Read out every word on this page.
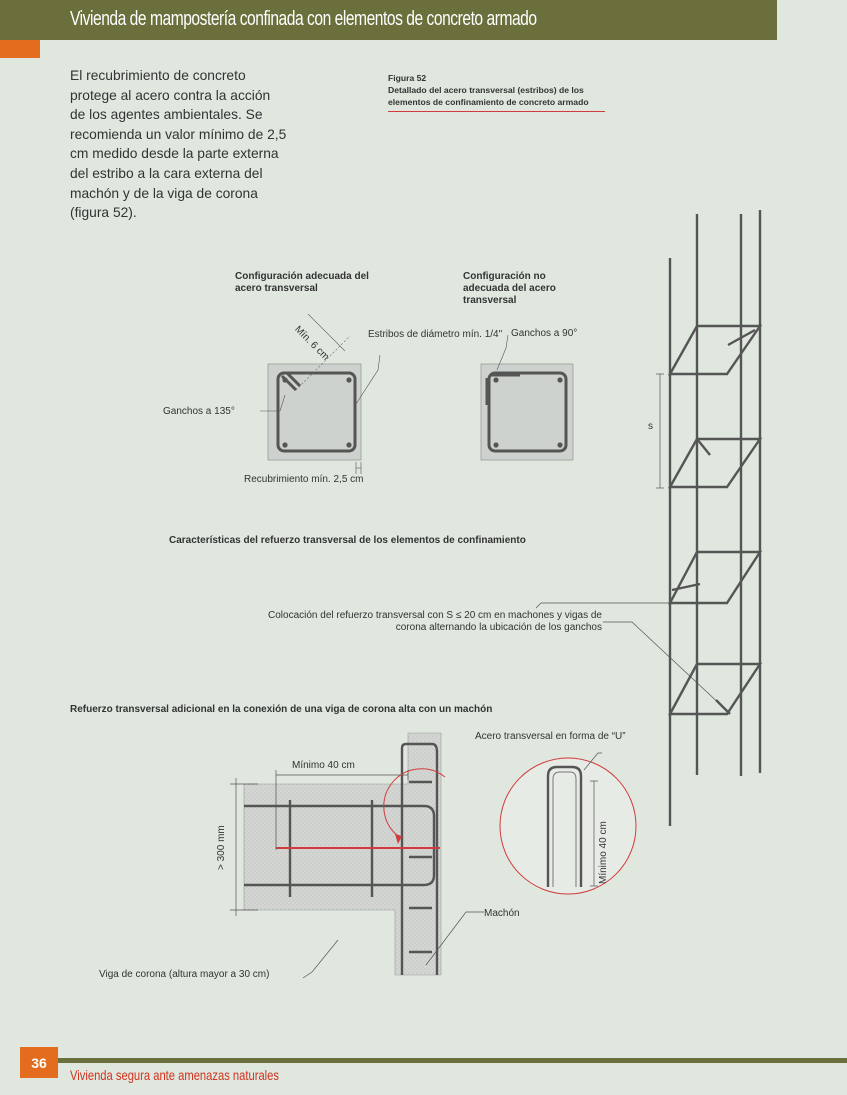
Vivienda de mampostería confinada con elementos de concreto armado

El recubrimiento de concreto protege al acero contra la acción de los agentes ambientales. Se recomienda un valor mínimo de 2,5 cm medido desde la parte externa del estribo a la cara externa del machón y de la viga de corona (figura 52).

Figura 52
Detallado del acero transversal (estribos) de los elementos de confinamiento de concreto armado
Configuración adecuada del acero transversal
Configuración no adecuada del acero transversal
Mín. 6 cm	Estribos de diámetro mín. 1/4"
Ganchos a 135°
Ganchos a 90°
Recubrimiento mín. 2,5 cm
s
Características del refuerzo transversal de los elementos de confinamiento
Colocación del refuerzo transversal con S ≤ 20 cm en machones y vigas de corona alternando la ubicación de los ganchos
Refuerzo transversal adicional en la conexión de una viga de corona alta con un machón
Mínimo 40 cm
> 300 mm
Acero transversal en forma de “U”
Mínimo 40 cm
Machón
Viga de corona (altura mayor a 30 cm)
36
Vivienda segura ante amenazas naturales
